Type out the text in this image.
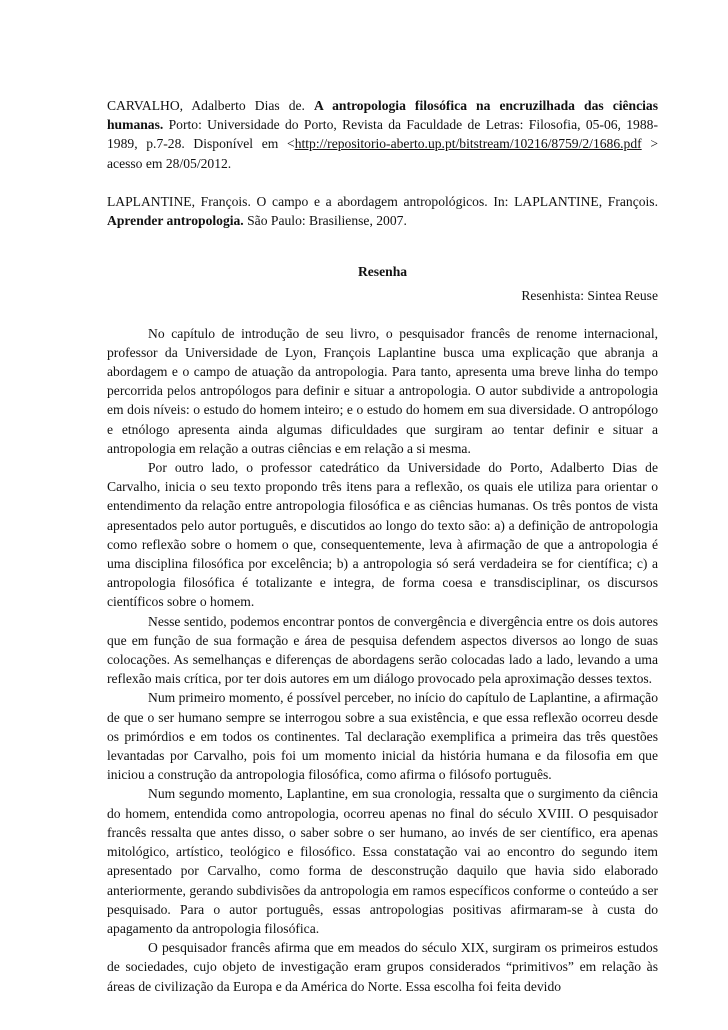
CARVALHO, Adalberto Dias de. A antropologia filosófica na encruzilhada das ciências humanas. Porto: Universidade do Porto, Revista da Faculdade de Letras: Filosofia, 05-06, 1988-1989, p.7-28. Disponível em <http://repositorio-aberto.up.pt/bitstream/10216/8759/2/1686.pdf > acesso em 28/05/2012.

LAPLANTINE, François. O campo e a abordagem antropológicos. In: LAPLANTINE, François. Aprender antropologia. São Paulo: Brasiliense, 2007.

Resenha
Resenhista: Sintea Reuse

No capítulo de introdução de seu livro, o pesquisador francês de renome internacional, professor da Universidade de Lyon, François Laplantine busca uma explicação que abranja a abordagem e o campo de atuação da antropologia. Para tanto, apresenta uma breve linha do tempo percorrida pelos antropólogos para definir e situar a antropologia. O autor subdivide a antropologia em dois níveis: o estudo do homem inteiro; e o estudo do homem em sua diversidade. O antropólogo e etnólogo apresenta ainda algumas dificuldades que surgiram ao tentar definir e situar a antropologia em relação a outras ciências e em relação a si mesma.

Por outro lado, o professor catedrático da Universidade do Porto, Adalberto Dias de Carvalho, inicia o seu texto propondo três itens para a reflexão, os quais ele utiliza para orientar o entendimento da relação entre antropologia filosófica e as ciências humanas. Os três pontos de vista apresentados pelo autor português, e discutidos ao longo do texto são: a) a definição de antropologia como reflexão sobre o homem o que, consequentemente, leva à afirmação de que a antropologia é uma disciplina filosófica por excelência; b) a antropologia só será verdadeira se for científica; c) a antropologia filosófica é totalizante e integra, de forma coesa e transdisciplinar, os discursos científicos sobre o homem.

Nesse sentido, podemos encontrar pontos de convergência e divergência entre os dois autores que em função de sua formação e área de pesquisa defendem aspectos diversos ao longo de suas colocações. As semelhanças e diferenças de abordagens serão colocadas lado a lado, levando a uma reflexão mais crítica, por ter dois autores em um diálogo provocado pela aproximação desses textos.

Num primeiro momento, é possível perceber, no início do capítulo de Laplantine, a afirmação de que o ser humano sempre se interrogou sobre a sua existência, e que essa reflexão ocorreu desde os primórdios e em todos os continentes. Tal declaração exemplifica a primeira das três questões levantadas por Carvalho, pois foi um momento inicial da história humana e da filosofia em que iniciou a construção da antropologia filosófica, como afirma o filósofo português.

Num segundo momento, Laplantine, em sua cronologia, ressalta que o surgimento da ciência do homem, entendida como antropologia, ocorreu apenas no final do século XVIII. O pesquisador francês ressalta que antes disso, o saber sobre o ser humano, ao invés de ser científico, era apenas mitológico, artístico, teológico e filosófico. Essa constatação vai ao encontro do segundo item apresentado por Carvalho, como forma de desconstrução daquilo que havia sido elaborado anteriormente, gerando subdivisões da antropologia em ramos específicos conforme o conteúdo a ser pesquisado. Para o autor português, essas antropologias positivas afirmaram-se à custa do apagamento da antropologia filosófica.

O pesquisador francês afirma que em meados do século XIX, surgiram os primeiros estudos de sociedades, cujo objeto de investigação eram grupos considerados “primitivos” em relação às áreas de civilização da Europa e da América do Norte. Essa escolha foi feita devido
